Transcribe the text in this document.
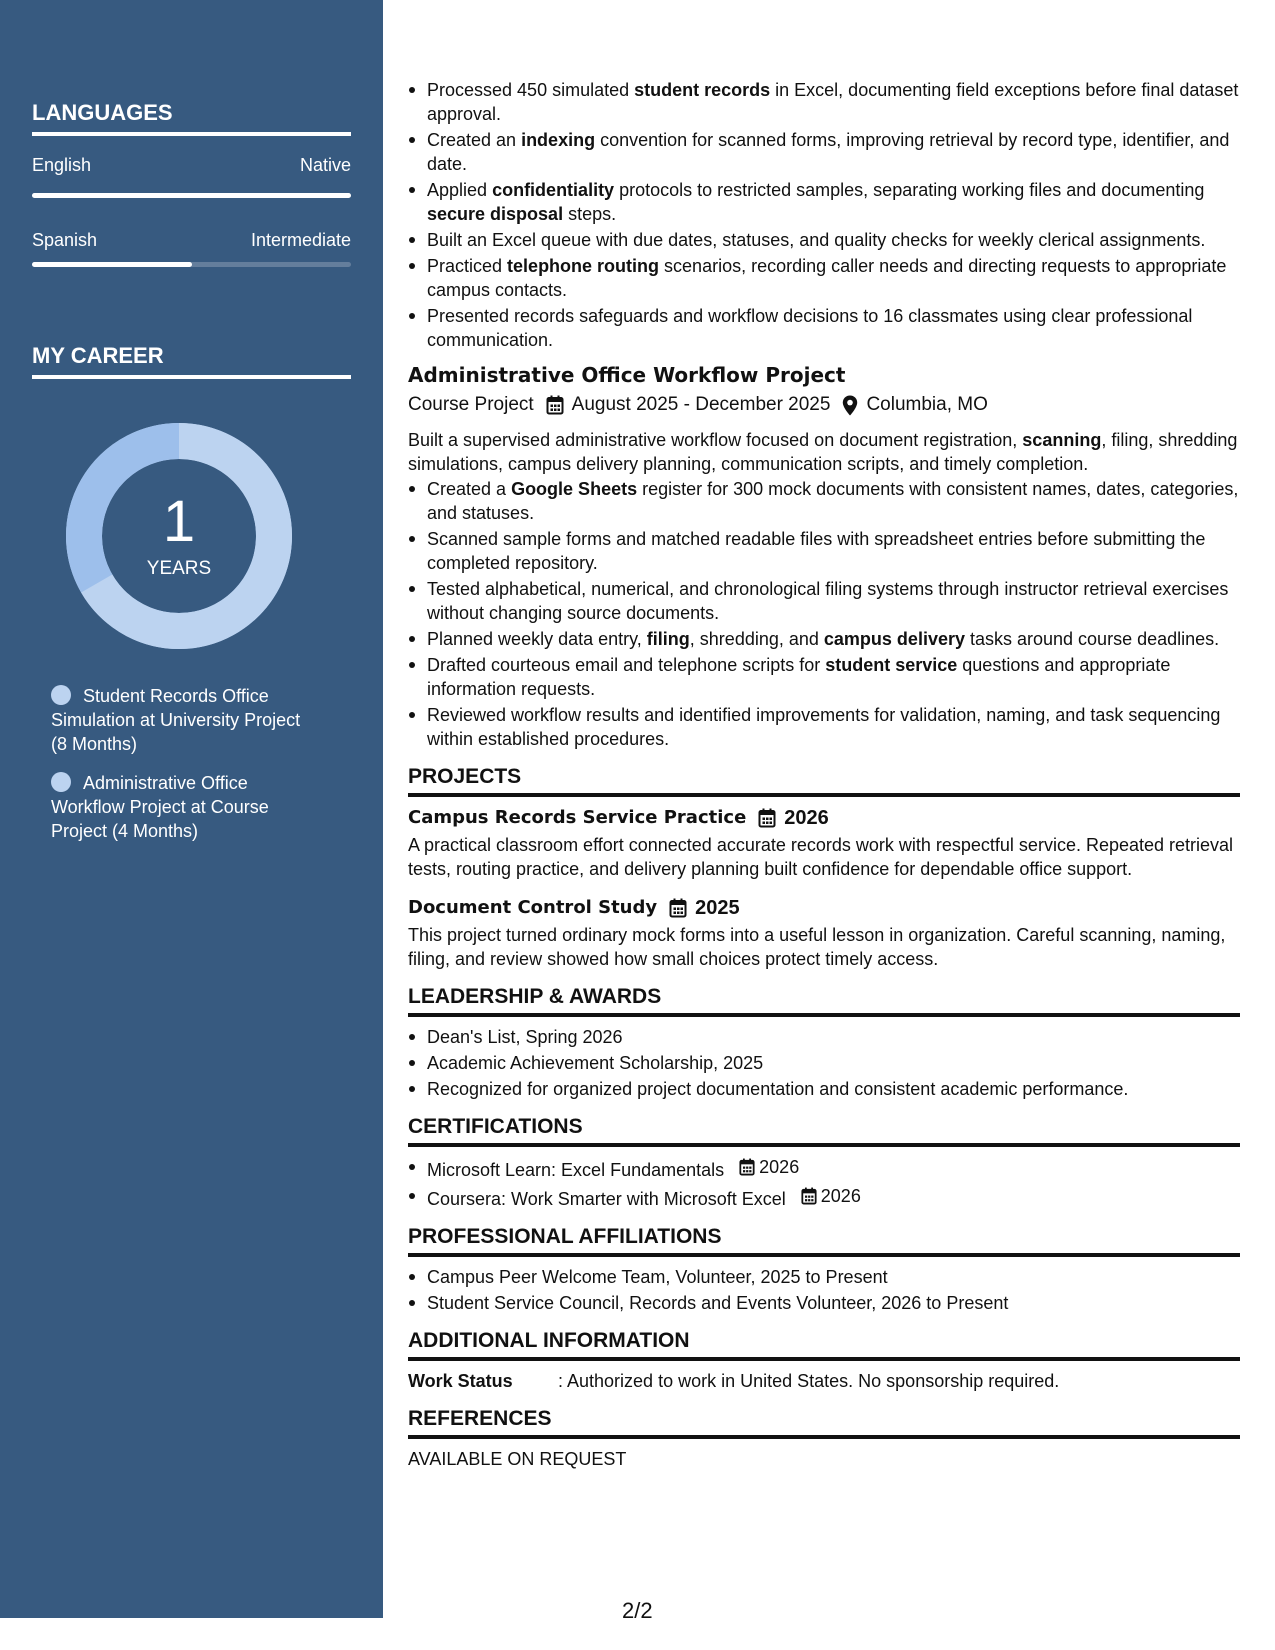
LANGUAGES
English	Native
Spanish	Intermediate
MY CAREER
1
YEARS
Student Records Office Simulation at University Project (8 Months)
Administrative Office Workflow Project at Course Project (4 Months)
Processed 450 simulated student records in Excel, documenting field exceptions before final dataset approval.
Created an indexing convention for scanned forms, improving retrieval by record type, identifier, and date.
Applied confidentiality protocols to restricted samples, separating working files and documenting secure disposal steps.
Built an Excel queue with due dates, statuses, and quality checks for weekly clerical assignments.
Practiced telephone routing scenarios, recording caller needs and directing requests to appropriate campus contacts.
Presented records safeguards and workflow decisions to 16 classmates using clear professional communication.
Administrative Office Workflow Project
Course Project August 2025 - December 2025 Columbia, MO
Built a supervised administrative workflow focused on document registration, scanning, filing, shredding simulations, campus delivery planning, communication scripts, and timely completion.
Created a Google Sheets register for 300 mock documents with consistent names, dates, categories, and statuses.
Scanned sample forms and matched readable files with spreadsheet entries before submitting the completed repository.
Tested alphabetical, numerical, and chronological filing systems through instructor retrieval exercises without changing source documents.
Planned weekly data entry, filing, shredding, and campus delivery tasks around course deadlines.
Drafted courteous email and telephone scripts for student service questions and appropriate information requests.
Reviewed workflow results and identified improvements for validation, naming, and task sequencing within established procedures.
PROJECTS
Campus Records Service Practice 2026
A practical classroom effort connected accurate records work with respectful service. Repeated retrieval tests, routing practice, and delivery planning built confidence for dependable office support.
Document Control Study 2025
This project turned ordinary mock forms into a useful lesson in organization. Careful scanning, naming, filing, and review showed how small choices protect timely access.
LEADERSHIP & AWARDS
Dean's List, Spring 2026
Academic Achievement Scholarship, 2025
Recognized for organized project documentation and consistent academic performance.
CERTIFICATIONS
Microsoft Learn: Excel Fundamentals 2026
Coursera: Work Smarter with Microsoft Excel 2026
PROFESSIONAL AFFILIATIONS
Campus Peer Welcome Team, Volunteer, 2025 to Present
Student Service Council, Records and Events Volunteer, 2026 to Present
ADDITIONAL INFORMATION
Work Status	: Authorized to work in United States. No sponsorship required.
REFERENCES
AVAILABLE ON REQUEST
2/2
